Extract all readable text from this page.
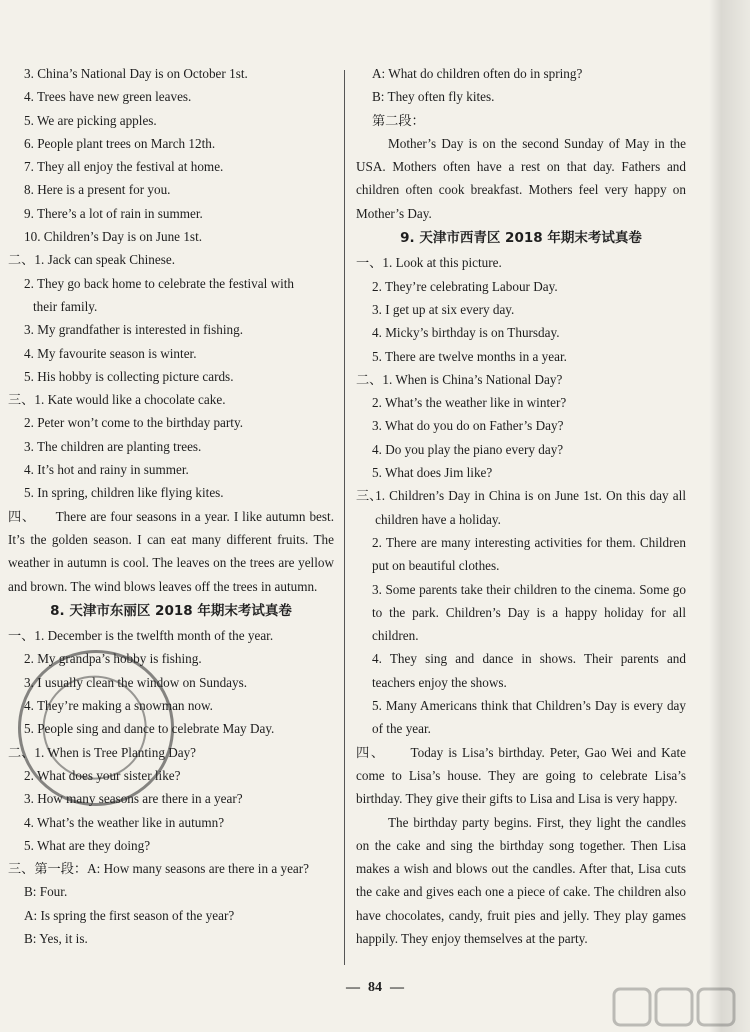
3. China’s National Day is on October 1st.
4. Trees have new green leaves.
5. We are picking apples.
6. People plant trees on March 12th.
7. They all enjoy the festival at home.
8. Here is a present for you.
9. There’s a lot of rain in summer.
10. Children’s Day is on June 1st.
二、 1. Jack can speak Chinese.
2. They go back home to celebrate the festival with
their family.
3. My grandfather is interested in fishing.
4. My favourite season is winter.
5. His hobby is collecting picture cards.
三、 1. Kate would like a chocolate cake.
2. Peter won’t come to the birthday party.
3. The children are planting trees.
4. It’s hot and rainy in summer.
5. In spring, children like flying kites.
四、 There are four seasons in a year. I like autumn best. It’s the golden season. I can eat many different fruits. The weather in autumn is cool. The leaves on the trees are yellow and brown. The wind blows leaves off the trees in autumn.
8. 天津市东丽区 2018 年期末考试真卷
一、 1. December is the twelfth month of the year.
2. My grandpa’s hobby is fishing.
3. I usually clean the window on Sundays.
4. They’re making a snowman now.
5. People sing and dance to celebrate May Day.
二、 1. When is Tree Planting Day?
2. What does your sister like?
3. How many seasons are there in a year?
4. What’s the weather like in autumn?
5. What are they doing?
三、 第一段：A: How many seasons are there in a year?
B: Four.
A: Is spring the first season of the year?
B: Yes, it is.
A: What do children often do in spring?
B: They often fly kites.
第二段：
Mother’s Day is on the second Sunday of May in the USA. Mothers often have a rest on that day. Fathers and children often cook breakfast. Mothers feel very happy on Mother’s Day.
9. 天津市西青区 2018 年期末考试真卷
一、 1. Look at this picture.
2. They’re celebrating Labour Day.
3. I get up at six every day.
4. Micky’s birthday is on Thursday.
5. There are twelve months in a year.
二、 1. When is China’s National Day?
2. What’s the weather like in winter?
3. What do you do on Father’s Day?
4. Do you play the piano every day?
5. What does Jim like?
三、
1. Children’s Day in China is on June 1st. On this day all children have a holiday.
2. There are many interesting activities for them. Children put on beautiful clothes.
3. Some parents take their children to the cinema. Some go to the park. Children’s Day is a happy holiday for all children.
4. They sing and dance in shows. Their parents and teachers enjoy the shows.
5. Many Americans think that Children’s Day is every day of the year.
四、 Today is Lisa’s birthday. Peter, Gao Wei and Kate come to Lisa’s house. They are going to celebrate Lisa’s birthday. They give their gifts to Lisa and Lisa is very happy.
The birthday party begins. First, they light the candles on the cake and sing the birthday song together. Then Lisa makes a wish and blows out the candles. After that, Lisa cuts the cake and gives each one a piece of cake. The children also have chocolates, candy, fruit pies and jelly. They play games happily. They enjoy themselves at the party.
— 84 —
